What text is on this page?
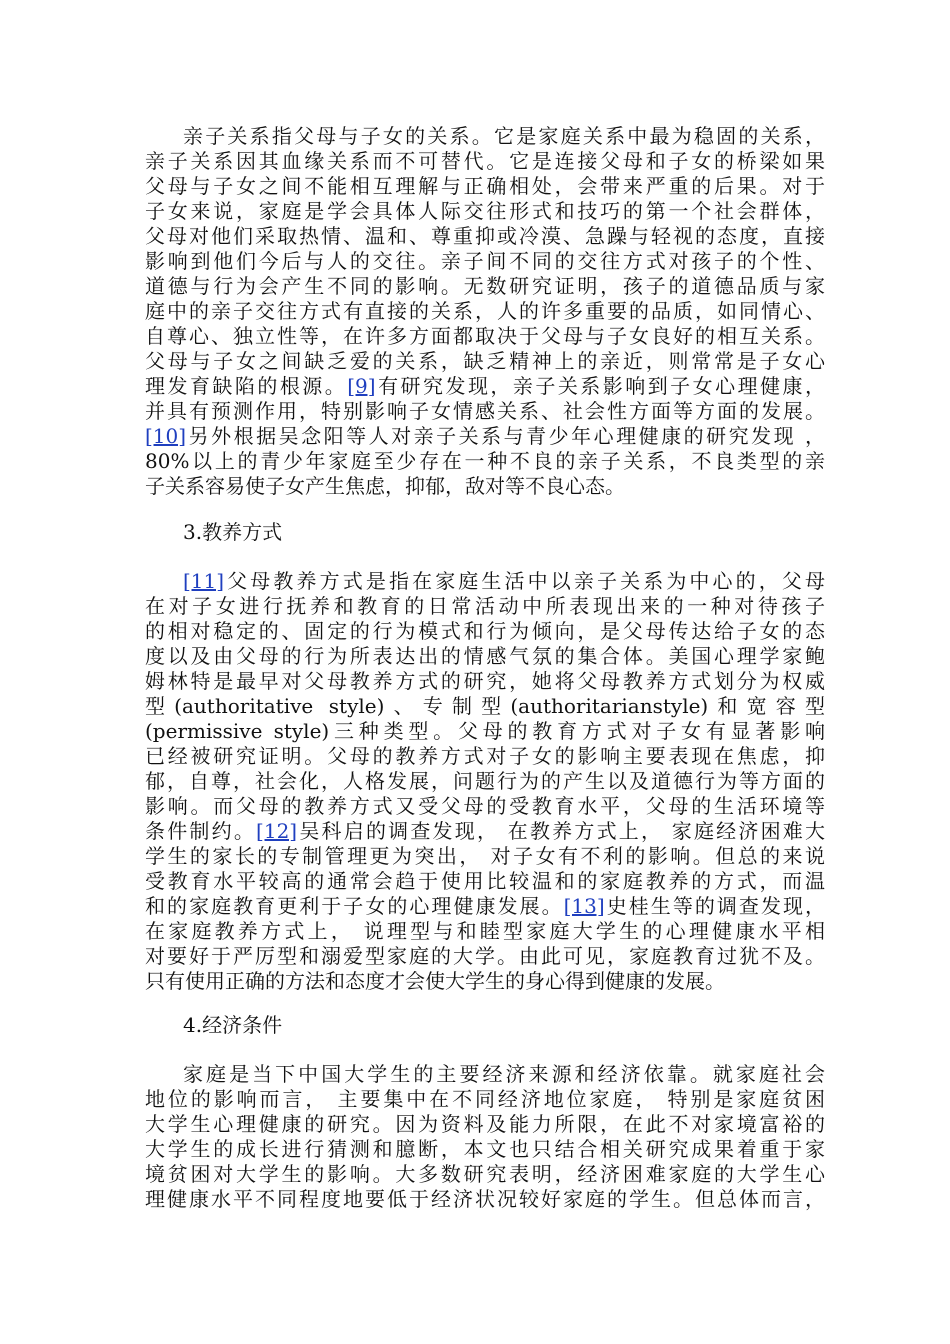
亲子关系指父母与子女的关系。它是家庭关系中最为稳固的关系，
亲子关系因其血缘关系而不可替代。它是连接父母和子女的桥梁如果
父母与子女之间不能相互理解与正确相处，会带来严重的后果。对于
子女来说，家庭是学会具体人际交往形式和技巧的第一个社会群体，
父母对他们采取热情、温和、尊重抑或冷漠、急躁与轻视的态度，直接
影响到他们今后与人的交往。亲子间不同的交往方式对孩子的个性、
道德与行为会产生不同的影响。无数研究证明，孩子的道德品质与家
庭中的亲子交往方式有直接的关系，人的许多重要的品质，如同情心、
自尊心、独立性等，在许多方面都取决于父母与子女良好的相互关系。
父母与子女之间缺乏爱的关系，缺乏精神上的亲近，则常常是子女心
理发育缺陷的根源。[9]有研究发现，亲子关系影响到子女心理健康，
并具有预测作用，特别影响子女情感关系、社会性方面等方面的发展。
[10]另外根据吴念阳等人对亲子关系与青少年心理健康的研究发现 ，
80%以上的青少年家庭至少存在一种不良的亲子关系，不良类型的亲
子关系容易使子女产生焦虑，抑郁，敌对等不良心态。
3.教养方式
[11]父母教养方式是指在家庭生活中以亲子关系为中心的，父母
在对子女进行抚养和教育的日常活动中所表现出来的一种对待孩子
的相对稳定的、固定的行为模式和行为倾向，是父母传达给子女的态
度以及由父母的行为所表达出的情感气氛的集合体。美国心理学家鲍
姆林特是最早对父母教养方式的研究，她将父母教养方式划分为权威
型(authoritative style)、专制型(authoritarianstyle)和宽容型
(permissive style)三种类型。父母的教育方式对子女有显著影响
已经被研究证明。父母的教养方式对子女的影响主要表现在焦虑，抑
郁，自尊，社会化，人格发展，问题行为的产生以及道德行为等方面的
影响。而父母的教养方式又受父母的受教育水平，父母的生活环境等
条件制约。[12]吴科启的调查发现， 在教养方式上， 家庭经济困难大
学生的家长的专制管理更为突出， 对子女有不利的影响。但总的来说
受教育水平较高的通常会趋于使用比较温和的家庭教养的方式，而温
和的家庭教育更利于子女的心理健康发展。[13]史桂生等的调查发现，
在家庭教养方式上， 说理型与和睦型家庭大学生的心理健康水平相
对要好于严厉型和溺爱型家庭的大学。由此可见，家庭教育过犹不及。
只有使用正确的方法和态度才会使大学生的身心得到健康的发展。
4.经济条件
家庭是当下中国大学生的主要经济来源和经济依靠。就家庭社会
地位的影响而言， 主要集中在不同经济地位家庭， 特别是家庭贫困
大学生心理健康的研究。因为资料及能力所限，在此不对家境富裕的
大学生的成长进行猜测和臆断，本文也只结合相关研究成果着重于家
境贫困对大学生的影响。大多数研究表明，经济困难家庭的大学生心
理健康水平不同程度地要低于经济状况较好家庭的学生。但总体而言，
